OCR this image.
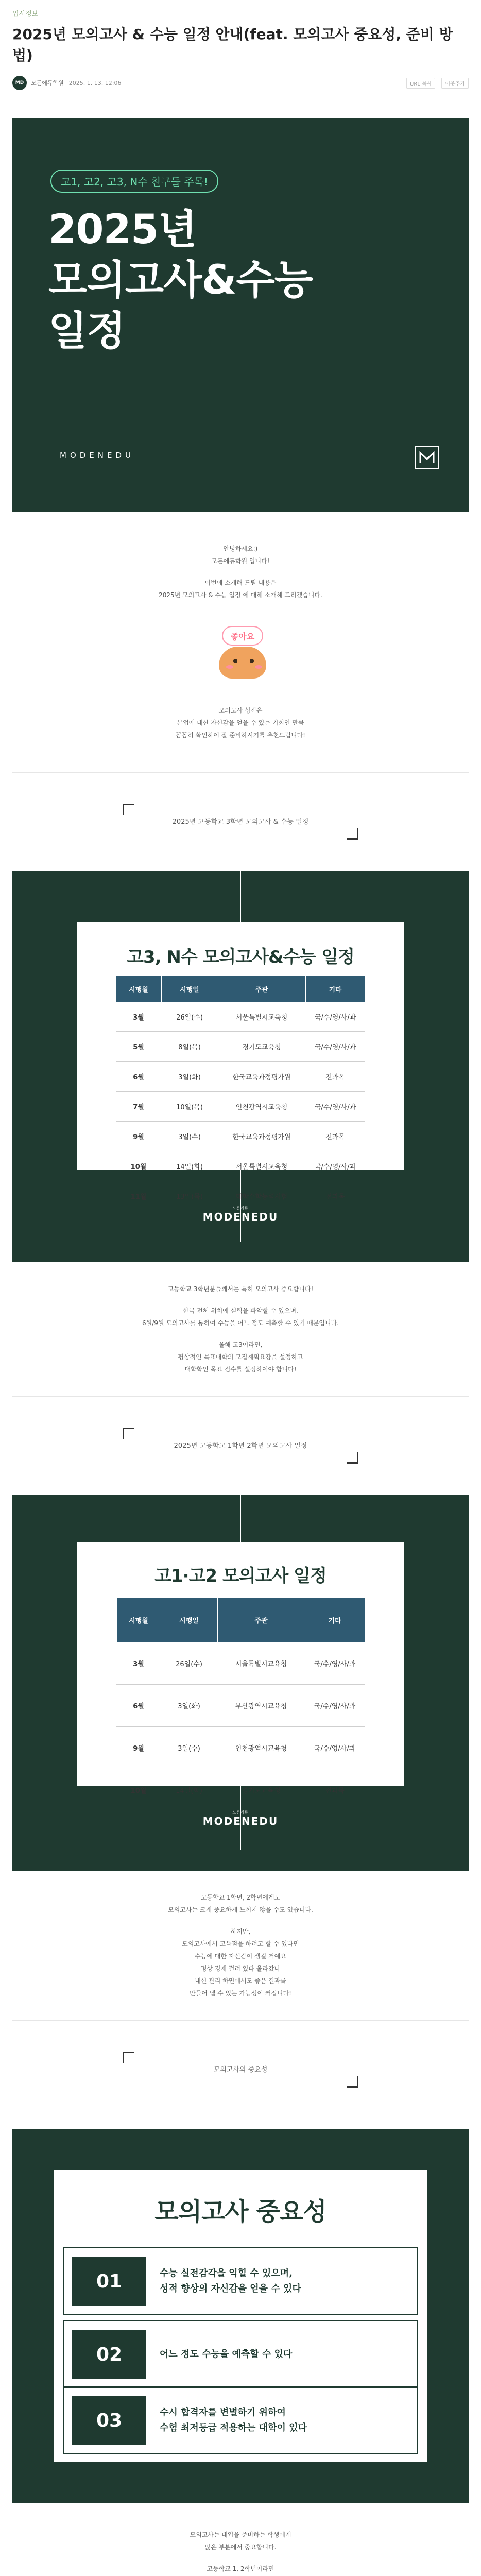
입시정보
2025년 모의고사 & 수능 일정 안내(feat. 모의고사 중요성, 준비 방법)
MD	모든에듀학원 2025. 1. 13. 12:06	URL 복사	이웃추가
고1, 고2, 고3, N수 친구들 주목!
2025년
모의고사&수능
일정
MODENEDU
안녕하세요:)
모든에듀학원 입니다!
이번에 소개해 드릴 내용은
2025년 모의고사 & 수능 일정 에 대해 소개해 드리겠습니다.
좋아요
모의고사 성적은
본업에 대한 자신감을 얻을 수 있는 기회인 만큼
꼼꼼히 확인하여 잘 준비하시기를 추천드립니다!
2025년 고등학교 3학년 모의고사 & 수능 일정
고3, N수 모의고사&수능 일정
시행월	시행일	주관	기타
3월	26일(수)	서울특별시교육청	국/수/영/사/과
5월	8일(목)	경기도교육청	국/수/영/사/과
6월	3일(화)	한국교육과정평가원	전과목
7월	10일(목)	인천광역시교육청	국/수/영/사/과
9월	3일(수)	한국교육과정평가원	전과목
10월	14일(화)	서울특별시교육청	국/수/영/사/과
11월	13일(목)	대학수학능력시험	전과목
모든에듀
MODENEDU
고등학교 3학년분들께서는 특히 모의고사 중요합니다!
한국 전체 위치에 실력을 파악할 수 있으며,
6월/9월 모의고사를 통하여 수능을 어느 정도 예측할 수 있기 때문입니다.
올해 고3이라면,
평상적인 목표대학의 모집계획요강을 설정하고
대학학인 목표 점수를 설정하여야 합니다!
2025년 고등학교 1학년 2학년 모의고사 일정
고1·고2 모의고사 일정
시행월	시행일	주관	기타
3월	26일(수)	서울특별시교육청	국/수/영/사/과
6월	3일(화)	부산광역시교육청	국/수/영/사/과
9월	3일(수)	인천광역시교육청	국/수/영/사/과
10월	14일(화)	경기도교육청	전과목
모든에듀
MODENEDU
고등학교 1학년, 2학년에게도
모의고사는 크게 중요하게 느끼지 않을 수도 있습니다.
하지만,
모의고사에서 고득점을 하려고 할 수 있다면
수능에 대한 자신감이 생길 거예요
평상 경제 걸려 있다 올라갔나
내신 관리 하면에서도 좋은 결과를
만들어 낼 수 있는 가능성이 커집니다!
모의고사의 중요성
모의고사 중요성
01	수능 실전감각을 익힐 수 있으며,
성적 향상의 자신감을 얻을 수 있다
02	어느 정도 수능을 예측할 수 있다
03	수시 합격자를 변별하기 위하여
수험 최저등급 적용하는 대학이 있다
모의고사는 대입을 준비하는 학생에게
많은 부분에서 중요합니다.
고등학교 1, 2학년이라면
